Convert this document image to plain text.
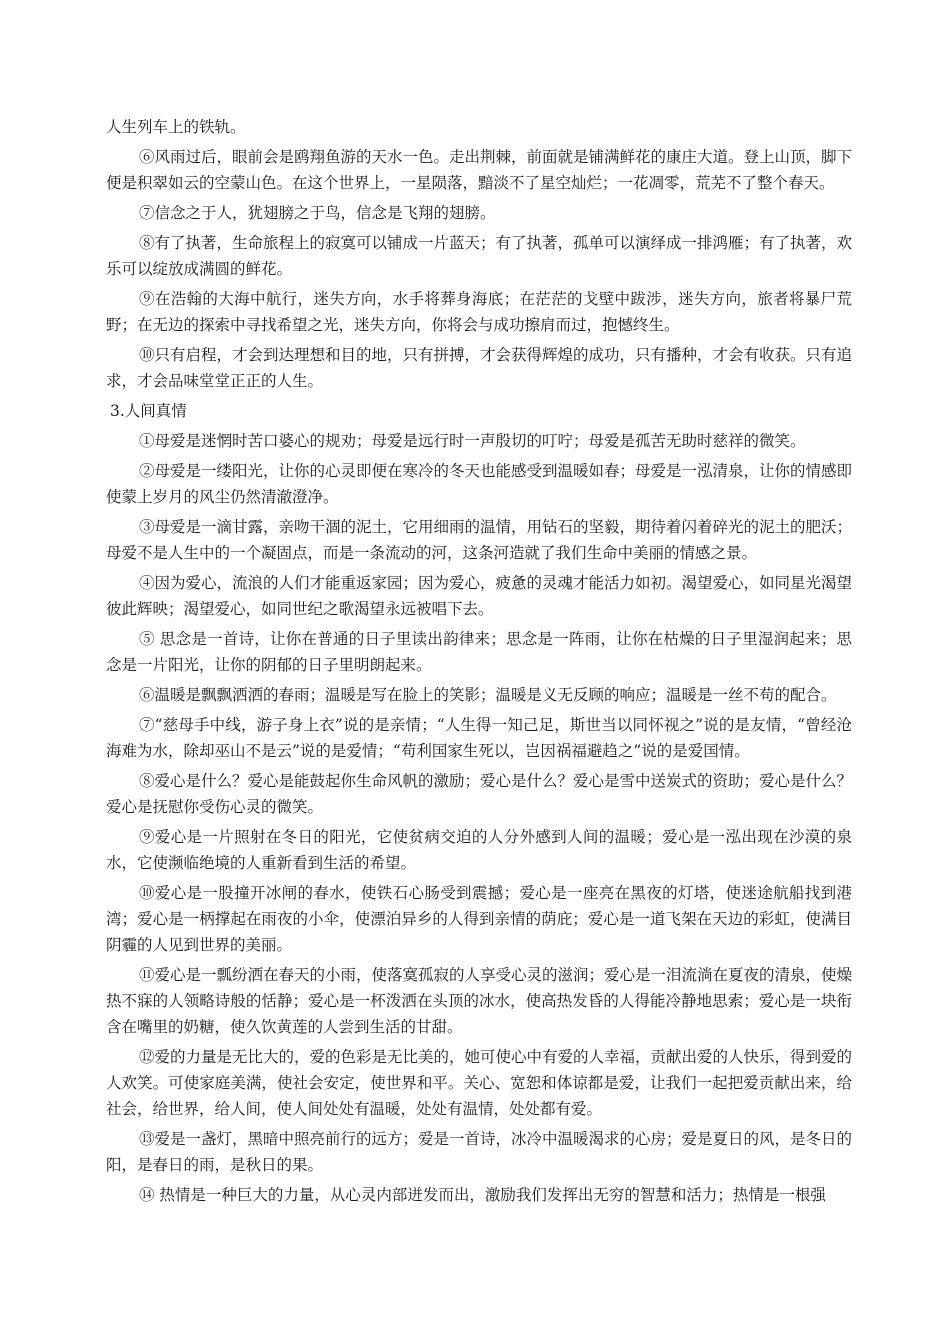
人生列车上的铁轨。

⑥风雨过后，眼前会是鸥翔鱼游的天水一色。走出荆棘，前面就是铺满鲜花的康庄大道。登上山顶，脚下便是积翠如云的空蒙山色。在这个世界上，一星陨落，黯淡不了星空灿烂；一花凋零，荒芜不了整个春天。

⑦信念之于人，犹翅膀之于鸟，信念是飞翔的翅膀。

⑧有了执著，生命旅程上的寂寞可以铺成一片蓝天；有了执著，孤单可以演绎成一排鸿雁；有了执著，欢乐可以绽放成满圆的鲜花。

⑨在浩翰的大海中航行，迷失方向，水手将葬身海底；在茫茫的戈壁中跋涉，迷失方向，旅者将暴尸荒野；在无边的探索中寻找希望之光，迷失方向，你将会与成功擦肩而过，抱憾终生。

⑩只有启程，才会到达理想和目的地，只有拼搏，才会获得辉煌的成功，只有播种，才会有收获。只有追求，才会品味堂堂正正的人生。

3.人间真情

①母爱是迷惘时苦口婆心的规劝；母爱是远行时一声殷切的叮咛；母爱是孤苦无助时慈祥的微笑。

②母爱是一缕阳光，让你的心灵即便在寒冷的冬天也能感受到温暖如春；母爱是一泓清泉，让你的情感即使蒙上岁月的风尘仍然清澈澄净。

③母爱是一滴甘露，亲吻干涸的泥土，它用细雨的温情，用钻石的坚毅，期待着闪着碎光的泥土的肥沃；母爱不是人生中的一个凝固点，而是一条流动的河，这条河造就了我们生命中美丽的情感之景。

④因为爱心，流浪的人们才能重返家园；因为爱心，疲惫的灵魂才能活力如初。渴望爱心，如同星光渴望彼此辉映；渴望爱心，如同世纪之歌渴望永远被唱下去。

⑤ 思念是一首诗，让你在普通的日子里读出韵律来；思念是一阵雨，让你在枯燥的日子里湿润起来；思念是一片阳光，让你的阴郁的日子里明朗起来。

⑥温暖是飘飘洒洒的春雨；温暖是写在脸上的笑影；温暖是义无反顾的响应；温暖是一丝不苟的配合。

⑦“慈母手中线，游子身上衣”说的是亲情；“人生得一知己足，斯世当以同怀视之”说的是友情，“曾经沧海难为水，除却巫山不是云”说的是爱情；“苟利国家生死以，岂因祸福避趋之”说的是爱国情。

⑧爱心是什么？爱心是能鼓起你生命风帆的激励；爱心是什么？爱心是雪中送炭式的资助；爱心是什么？爱心是抚慰你受伤心灵的微笑。

⑨爱心是一片照射在冬日的阳光，它使贫病交迫的人分外感到人间的温暖；爱心是一泓出现在沙漠的泉水，它使濒临绝境的人重新看到生活的希望。

⑩爱心是一股撞开冰闸的春水，使铁石心肠受到震撼；爱心是一座亮在黑夜的灯塔，使迷途航船找到港湾；爱心是一柄撑起在雨夜的小伞，使漂泊异乡的人得到亲情的荫庇；爱心是一道飞架在天边的彩虹，使满目阴霾的人见到世界的美丽。

⑪爱心是一瓢纷洒在春天的小雨，使落寞孤寂的人享受心灵的滋润；爱心是一泪流淌在夏夜的清泉，使燥热不寐的人领略诗般的恬静；爱心是一杯泼洒在头顶的冰水，使高热发昏的人得能冷静地思索；爱心是一块衔含在嘴里的奶糖，使久饮黄莲的人尝到生活的甘甜。

⑫爱的力量是无比大的，爱的色彩是无比美的，她可使心中有爱的人幸福，贡献出爱的人快乐，得到爱的人欢笑。可使家庭美满，使社会安定，使世界和平。关心、宽恕和体谅都是爱，让我们一起把爱贡献出来，给社会，给世界，给人间，使人间处处有温暖，处处有温情，处处都有爱。

⑬爱是一盏灯，黑暗中照亮前行的远方；爱是一首诗，冰冷中温暖渴求的心房；爱是夏日的风，是冬日的阳，是春日的雨，是秋日的果。

⑭ 热情是一种巨大的力量，从心灵内部迸发而出，激励我们发挥出无穷的智慧和活力；热情是一根强
